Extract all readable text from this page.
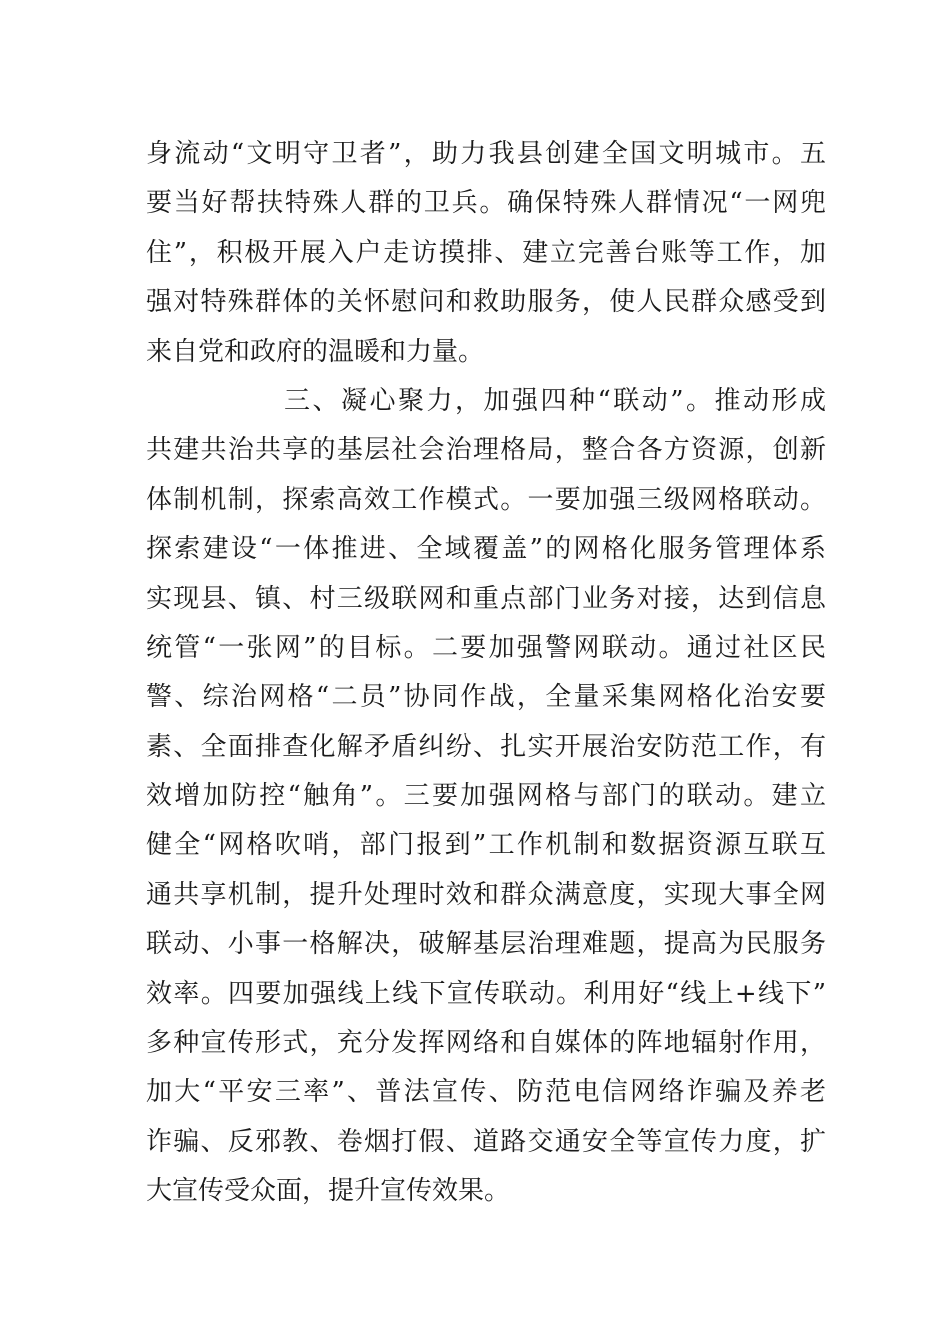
身流动“文明守卫者”，助力我县创建全国文明城市。五
要当好帮扶特殊人群的卫兵。确保特殊人群情况“一网兜
住”，积极开展入户走访摸排、建立完善台账等工作，加
强对特殊群体的关怀慰问和救助服务，使人民群众感受到
来自党和政府的温暖和力量。
三、凝心聚力，加强四种“联动”。推动形成
共建共治共享的基层社会治理格局，整合各方资源，创新
体制机制，探索高效工作模式。一要加强三级网格联动。
探索建设“一体推进、全域覆盖”的网格化服务管理体系
实现县、镇、村三级联网和重点部门业务对接，达到信息
统管“一张网”的目标。二要加强警网联动。通过社区民
警、综治网格“二员”协同作战，全量采集网格化治安要
素、全面排查化解矛盾纠纷、扎实开展治安防范工作，有
效增加防控“触角”。三要加强网格与部门的联动。建立
健全“网格吹哨，部门报到”工作机制和数据资源互联互
通共享机制，提升处理时效和群众满意度，实现大事全网
联动、小事一格解决，破解基层治理难题，提高为民服务
效率。四要加强线上线下宣传联动。利用好“线上+线下”
多种宣传形式，充分发挥网络和自媒体的阵地辐射作用，
加大“平安三率”、普法宣传、防范电信网络诈骗及养老
诈骗、反邪教、卷烟打假、道路交通安全等宣传力度，扩
大宣传受众面，提升宣传效果。
